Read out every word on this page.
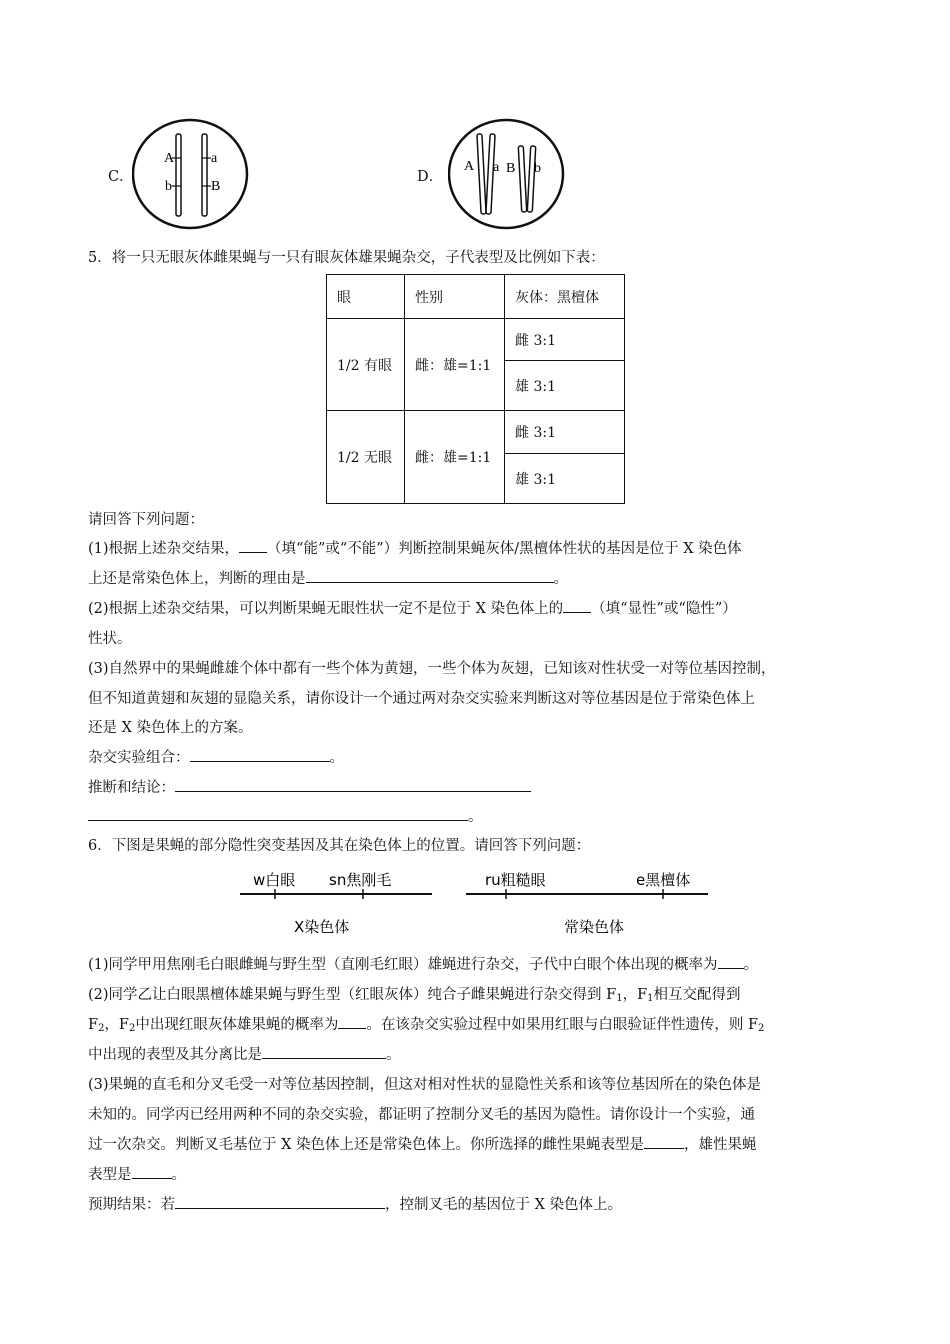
C．
A
b
a
B
D．
A a B b
5．将一只无眼灰体雌果蝇与一只有眼灰体雄果蝇杂交，子代表型及比例如下表：
眼	性别	灰体：黑檀体
1/2 有眼	雌：雄=1:1	雌 3:1
		雄 3:1
1/2 无眼	雌：雄=1:1	雌 3:1
		雄 3:1
请回答下列问题：
(1)根据上述杂交结果， （填“能”或“不能”）判断控制果蝇灰体/黑檀体性状的基因是位于 X 染色体
上还是常染色体上，判断的理由是	。
(2)根据上述杂交结果，可以判断果蝇无眼性状一定不是位于 X 染色体上的 （填“显性”或“隐性”）
性状。
(3)自然界中的果蝇雌雄个体中都有一些个体为黄翅，一些个体为灰翅，已知该对性状受一对等位基因控制，
但不知道黄翅和灰翅的显隐关系，请你设计一个通过两对杂交实验来判断这对等位基因是位于常染色体上
还是 X 染色体上的方案。
杂交实验组合：	。
推断和结论：
。
6．下图是果蝇的部分隐性突变基因及其在染色体上的位置。请回答下列问题：
w白眼 sn焦刚毛
X染色体
ru粗糙眼	e黑檀体
常染色体
(1)同学甲用焦刚毛白眼雌蝇与野生型（直刚毛红眼）雄蝇进行杂交，子代中白眼个体出现的概率为 。
(2)同学乙让白眼黑檀体雄果蝇与野生型（红眼灰体）纯合子雌果蝇进行杂交得到 $F_1$，$F_1$相互交配得到
$F_2$，$F_2$中出现红眼灰体雄果蝇的概率为 。在该杂交实验过程中如果用红眼与白眼验证伴性遗传，则 $F_2$
中出现的表型及其分离比是	。
(3)果蝇的直毛和分叉毛受一对等位基因控制，但这对相对性状的显隐性关系和该等位基因所在的染色体是
未知的。同学丙已经用两种不同的杂交实验，都证明了控制分叉毛的基因为隐性。请你设计一个实验，通
过一次杂交。判断叉毛基位于 X 染色体上还是常染色体上。你所选择的雌性果蝇表型是	，雄性果蝇
表型是	。
预期结果：若	，控制叉毛的基因位于 X 染色体上。
